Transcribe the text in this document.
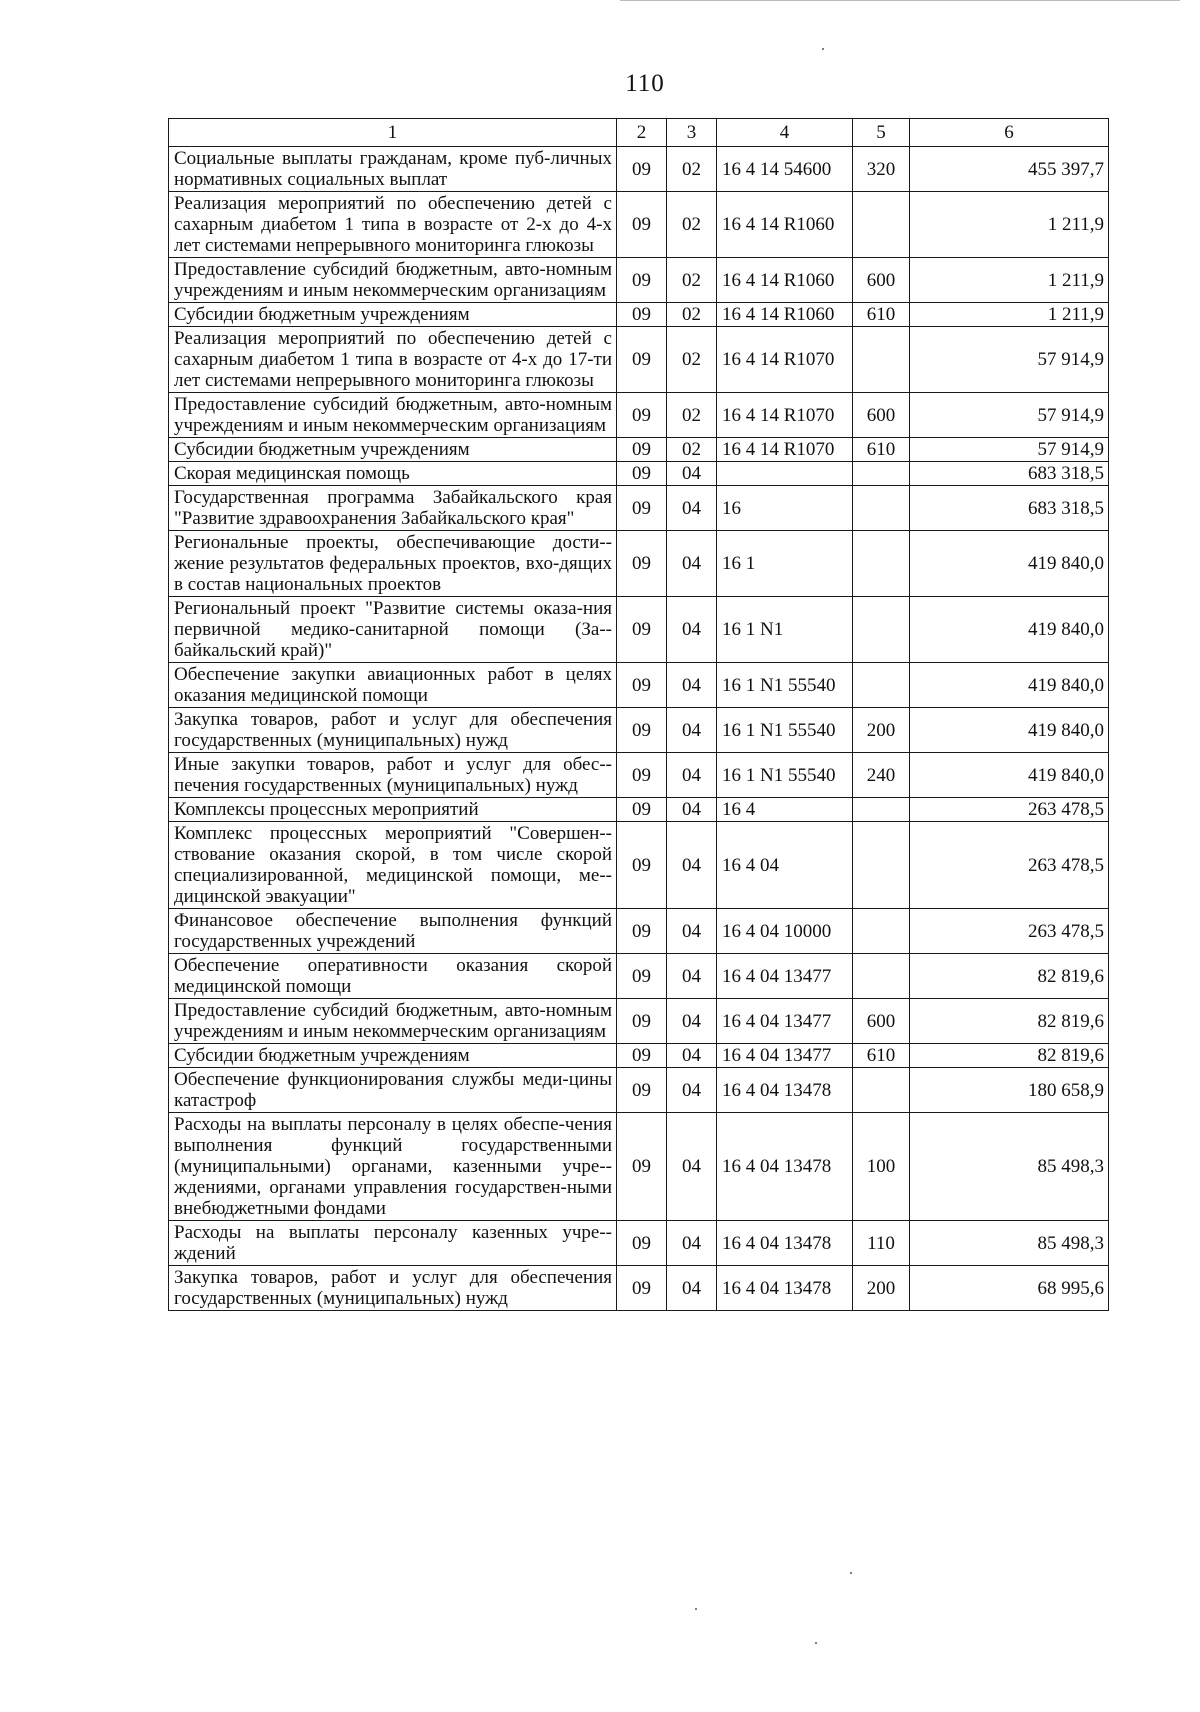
110
1	2	3	4	5	6
Социальные выплаты гражданам, кроме пуб-личных нормативных социальных выплат	09	02	16 4 14 54600	320	455 397,7
Реализация мероприятий по обеспечению детей с сахарным диабетом 1 типа в возрасте от 2-х до 4-х лет системами непрерывного мониторинга глюкозы	09	02	16 4 14 R1060		1 211,9
Предоставление субсидий бюджетным, авто-номным учреждениям и иным некоммерческим организациям	09	02	16 4 14 R1060	600	1 211,9
Субсидии бюджетным учреждениям	09	02	16 4 14 R1060	610	1 211,9
Реализация мероприятий по обеспечению детей с сахарным диабетом 1 типа в возрасте от 4-х до 17-ти лет системами непрерывного мониторинга глюкозы	09	02	16 4 14 R1070		57 914,9
Предоставление субсидий бюджетным, авто-номным учреждениям и иным некоммерческим организациям	09	02	16 4 14 R1070	600	57 914,9
Субсидии бюджетным учреждениям	09	02	16 4 14 R1070	610	57 914,9
Скорая медицинская помощь	09	04			683 318,5
Государственная программа Забайкальского края "Развитие здравоохранения Забайкальского края"	09	04	16		683 318,5
Региональные проекты, обеспечивающие дости-жение результатов федеральных проектов, вхо-дящих в состав национальных проектов	09	04	16 1		419 840,0
Региональный проект "Развитие системы оказа-ния первичной медико-санитарной помощи (За-байкальский край)"	09	04	16 1 N1		419 840,0
Обеспечение закупки авиационных работ в целях оказания медицинской помощи	09	04	16 1 N1 55540		419 840,0
Закупка товаров, работ и услуг для обеспечения государственных (муниципальных) нужд	09	04	16 1 N1 55540	200	419 840,0
Иные закупки товаров, работ и услуг для обес-печения государственных (муниципальных) нужд	09	04	16 1 N1 55540	240	419 840,0
Комплексы процессных мероприятий	09	04	16 4		263 478,5
Комплекс процессных мероприятий "Совершен-ствование оказания скорой, в том числе скорой специализированной, медицинской помощи, ме-дицинской эвакуации"	09	04	16 4 04		263 478,5
Финансовое обеспечение выполнения функций государственных учреждений	09	04	16 4 04 10000		263 478,5
Обеспечение оперативности оказания скорой медицинской помощи	09	04	16 4 04 13477		82 819,6
Предоставление субсидий бюджетным, авто-номным учреждениям и иным некоммерческим организациям	09	04	16 4 04 13477	600	82 819,6
Субсидии бюджетным учреждениям	09	04	16 4 04 13477	610	82 819,6
Обеспечение функционирования службы меди-цины катастроф	09	04	16 4 04 13478		180 658,9
Расходы на выплаты персоналу в целях обеспе-чения выполнения функций государственными (муниципальными) органами, казенными учре-ждениями, органами управления государствен-ными внебюджетными фондами	09	04	16 4 04 13478	100	85 498,3
Расходы на выплаты персоналу казенных учре-ждений	09	04	16 4 04 13478	110	85 498,3
Закупка товаров, работ и услуг для обеспечения государственных (муниципальных) нужд	09	04	16 4 04 13478	200	68 995,6
